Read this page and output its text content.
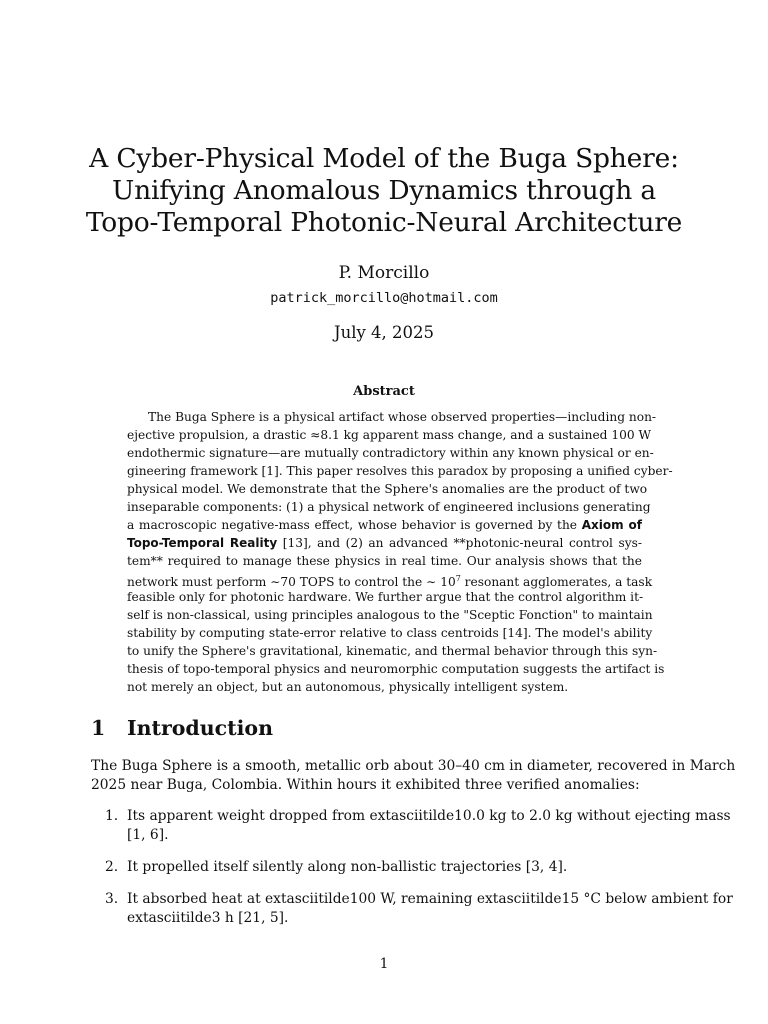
A Cyber-Physical Model of the Buga Sphere:
Unifying Anomalous Dynamics through a
Topo-Temporal Photonic-Neural Architecture
P. Morcillo
patrick_morcillo@hotmail.com
July 4, 2025
Abstract
The Buga Sphere is a physical artifact whose observed properties—including non-
ejective propulsion, a drastic ≈8.1 kg apparent mass change, and a sustained 100 W
endothermic signature—are mutually contradictory within any known physical or en-
gineering framework [1]. This paper resolves this paradox by proposing a unified cyber-
physical model. We demonstrate that the Sphere's anomalies are the product of two
inseparable components: (1) a physical network of engineered inclusions generating
a macroscopic negative-mass effect, whose behavior is governed by the Axiom of
Topo-Temporal Reality [13], and (2) an advanced **photonic-neural control sys-
tem** required to manage these physics in real time. Our analysis shows that the
network must perform ∼70 TOPS to control the ∼ $10^7$ resonant agglomerates, a task
feasible only for photonic hardware. We further argue that the control algorithm it-
self is non-classical, using principles analogous to the "Sceptic Fonction" to maintain
stability by computing state-error relative to class centroids [14]. The model's ability
to unify the Sphere's gravitational, kinematic, and thermal behavior through this syn-
thesis of topo-temporal physics and neuromorphic computation suggests the artifact is
not merely an object, but an autonomous, physically intelligent system.
1 Introduction
The Buga Sphere is a smooth, metallic orb about 30–40 cm in diameter, recovered in March
2025 near Buga, Colombia. Within hours it exhibited three verified anomalies:
1. Its apparent weight dropped from extasciitilde10.0 kg to 2.0 kg without ejecting mass
[1, 6].
2. It propelled itself silently along non-ballistic trajectories [3, 4].
3. It absorbed heat at extasciitilde100 W, remaining extasciitilde15 °C below ambient for
extasciitilde3 h [21, 5].
1
